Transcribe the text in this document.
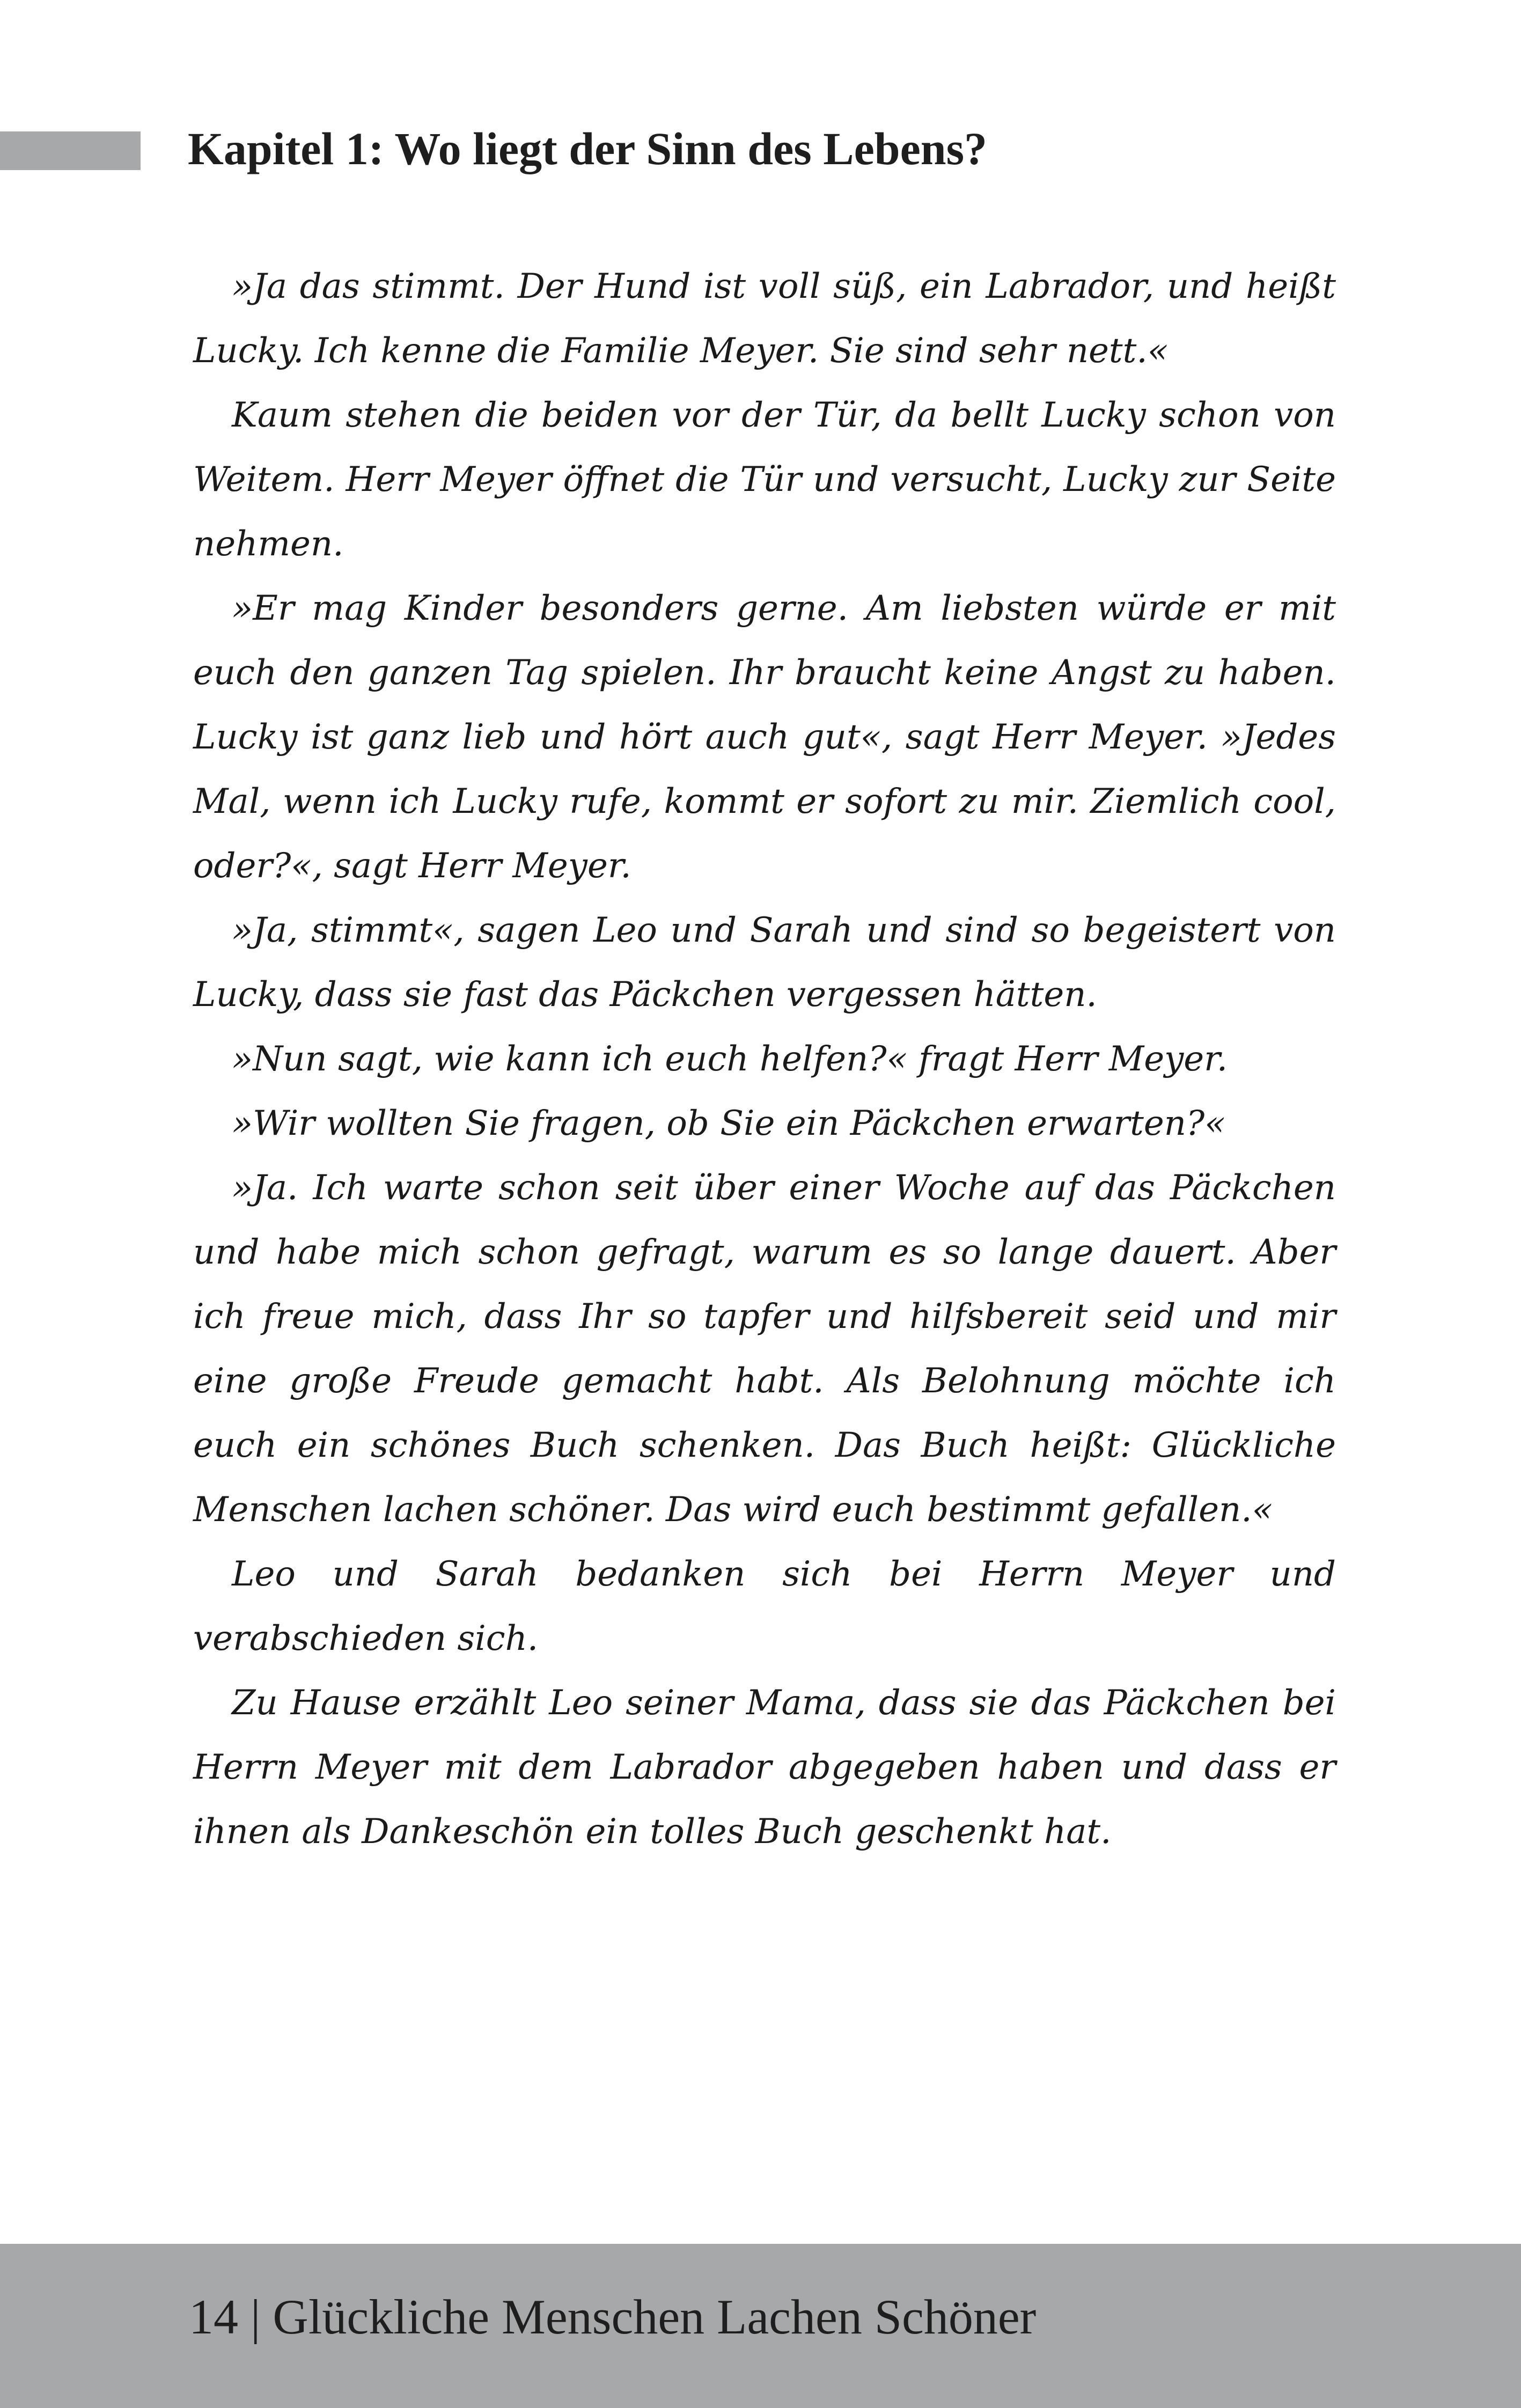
Kapitel 1: Wo liegt der Sinn des Lebens?

»Ja das stimmt. Der Hund ist voll süß, ein Labrador, und heißt Lucky. Ich kenne die Familie Meyer. Sie sind sehr nett.«

Kaum stehen die beiden vor der Tür, da bellt Lucky schon von Weitem. Herr Meyer öffnet die Tür und versucht, Lucky zur Seite nehmen.

»Er mag Kinder besonders gerne. Am liebsten würde er mit euch den ganzen Tag spielen. Ihr braucht keine Angst zu haben. Lucky ist ganz lieb und hört auch gut«, sagt Herr Meyer. »Jedes Mal, wenn ich Lucky rufe, kommt er sofort zu mir. Ziemlich cool, oder?«, sagt Herr Meyer.

»Ja, stimmt«, sagen Leo und Sarah und sind so begeistert von Lucky, dass sie fast das Päckchen vergessen hätten.

»Nun sagt, wie kann ich euch helfen?« fragt Herr Meyer.

»Wir wollten Sie fragen, ob Sie ein Päckchen erwarten?«

»Ja. Ich warte schon seit über einer Woche auf das Päckchen und habe mich schon gefragt, warum es so lange dauert. Aber ich freue mich, dass Ihr so tapfer und hilfsbereit seid und mir eine große Freude gemacht habt. Als Belohnung möchte ich euch ein schönes Buch schenken. Das Buch heißt: Glückliche Menschen lachen schöner. Das wird euch bestimmt gefallen.«

Leo und Sarah bedanken sich bei Herrn Meyer und verabschieden sich.

Zu Hause erzählt Leo seiner Mama, dass sie das Päckchen bei Herrn Meyer mit dem Labrador abgegeben haben und dass er ihnen als Dankeschön ein tolles Buch geschenkt hat.

14 | Glückliche Menschen Lachen Schöner
